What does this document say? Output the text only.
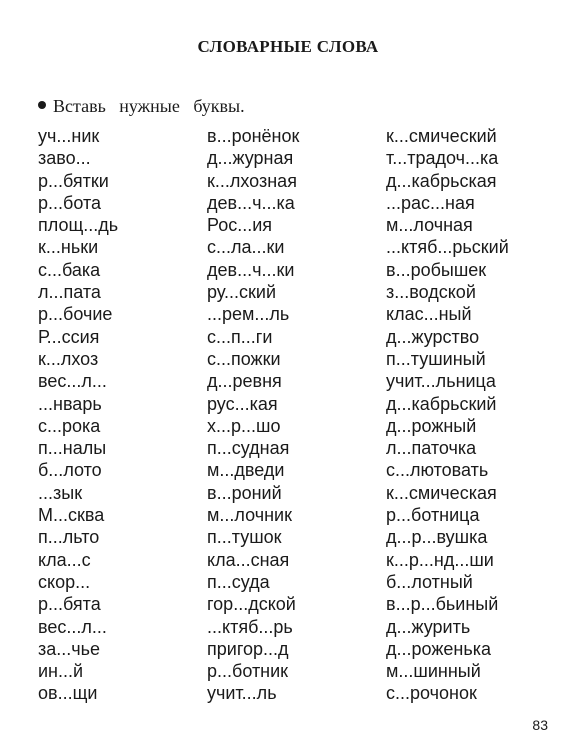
СЛОВАРНЫЕ СЛОВА

Вставь нужные буквы.

уч...ник
заво...
р...бятки
р...бота
площ...дь
к...ньки
с...бака
л...пата
р...бочие
Р...ссия
к...лхоз
вес...л...
...нварь
с...рока
п...налы
б...лото
...зык
М...сква
п...льто
кла...с
скор...
р...бята
вес...л...
за...чье
ин...й
ов...щи
в...ронёнок
д...журная
к...лхозная
дев...ч...ка
Рос...ия
с...ла...ки
дев...ч...ки
ру...ский
...рем...ль
с...п...ги
с...пожки
д...ревня
рус...кая
х...р...шо
п...судная
м...дведи
в...роний
м...лочник
п...тушок
кла...сная
п...суда
гор...дской
...ктяб...рь
пригор...д
р...ботник
учит...ль
к...смический
т...традоч...ка
д...кабрьская
...рас...ная
м...лочная
...ктяб...рьский
в...робышек
з...водской
клас...ный
д...журство
п...тушиный
учит...льница
д...кабрьский
д...рожный
л...паточка
с...лютовать
к...смическая
р...ботница
д...р...вушка
к...р...нд...ши
б...лотный
в...р...бьиный
д...журить
д...роженька
м...шинный
с...рочонок

83
